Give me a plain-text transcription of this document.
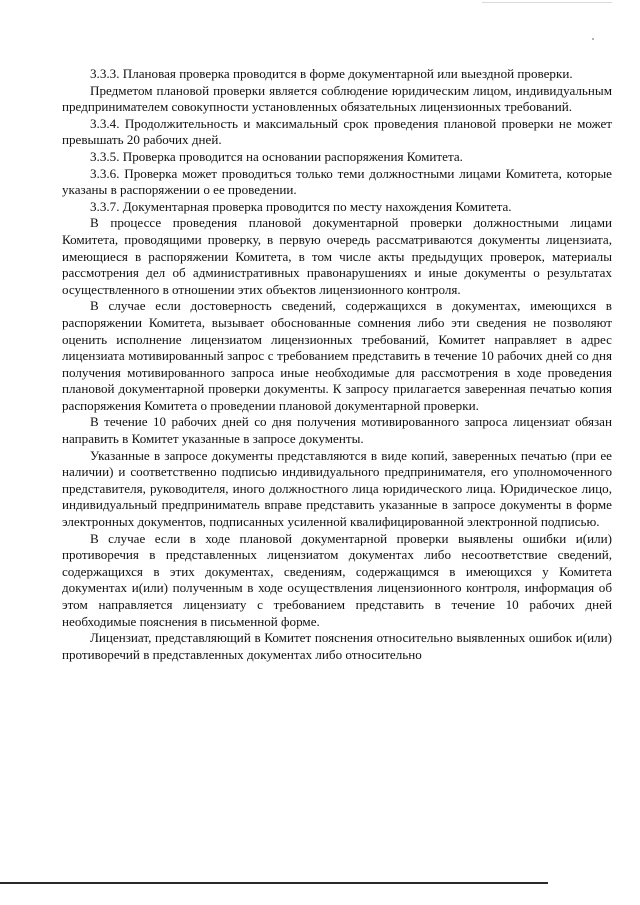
3.3.3. Плановая проверка проводится в форме документарной или выездной проверки.

Предметом плановой проверки является соблюдение юридическим лицом, индивидуальным предпринимателем совокупности установленных обязательных лицензионных требований.

3.3.4. Продолжительность и максимальный срок проведения плановой проверки не может превышать 20 рабочих дней.

3.3.5. Проверка проводится на основании распоряжения Комитета.

3.3.6. Проверка может проводиться только теми должностными лицами Комитета, которые указаны в распоряжении о ее проведении.

3.3.7. Документарная проверка проводится по месту нахождения Комитета.

В процессе проведения плановой документарной проверки должностными лицами Комитета, проводящими проверку, в первую очередь рассматриваются документы лицензиата, имеющиеся в распоряжении Комитета, в том числе акты предыдущих проверок, материалы рассмотрения дел об административных правонарушениях и иные документы о результатах осуществленного в отношении этих объектов лицензионного контроля.

В случае если достоверность сведений, содержащихся в документах, имеющихся в распоряжении Комитета, вызывает обоснованные сомнения либо эти сведения не позволяют оценить исполнение лицензиатом лицензионных требований, Комитет направляет в адрес лицензиата мотивированный запрос с требованием представить в течение 10 рабочих дней со дня получения мотивированного запроса иные необходимые для рассмотрения в ходе проведения плановой документарной проверки документы. К запросу прилагается заверенная печатью копия распоряжения Комитета о проведении плановой документарной проверки.

В течение 10 рабочих дней со дня получения мотивированного запроса лицензиат обязан направить в Комитет указанные в запросе документы.

Указанные в запросе документы представляются в виде копий, заверенных печатью (при ее наличии) и соответственно подписью индивидуального предпринимателя, его уполномоченного представителя, руководителя, иного должностного лица юридического лица. Юридическое лицо, индивидуальный предприниматель вправе представить указанные в запросе документы в форме электронных документов, подписанных усиленной квалифицированной электронной подписью.

В случае если в ходе плановой документарной проверки выявлены ошибки и(или) противоречия в представленных лицензиатом документах либо несоответствие сведений, содержащихся в этих документах, сведениям, содержащимся в имеющихся у Комитета документах и(или) полученным в ходе осуществления лицензионного контроля, информация об этом направляется лицензиату с требованием представить в течение 10 рабочих дней необходимые пояснения в письменной форме.

Лицензиат, представляющий в Комитет пояснения относительно выявленных ошибок и(или) противоречий в представленных документах либо относительно
